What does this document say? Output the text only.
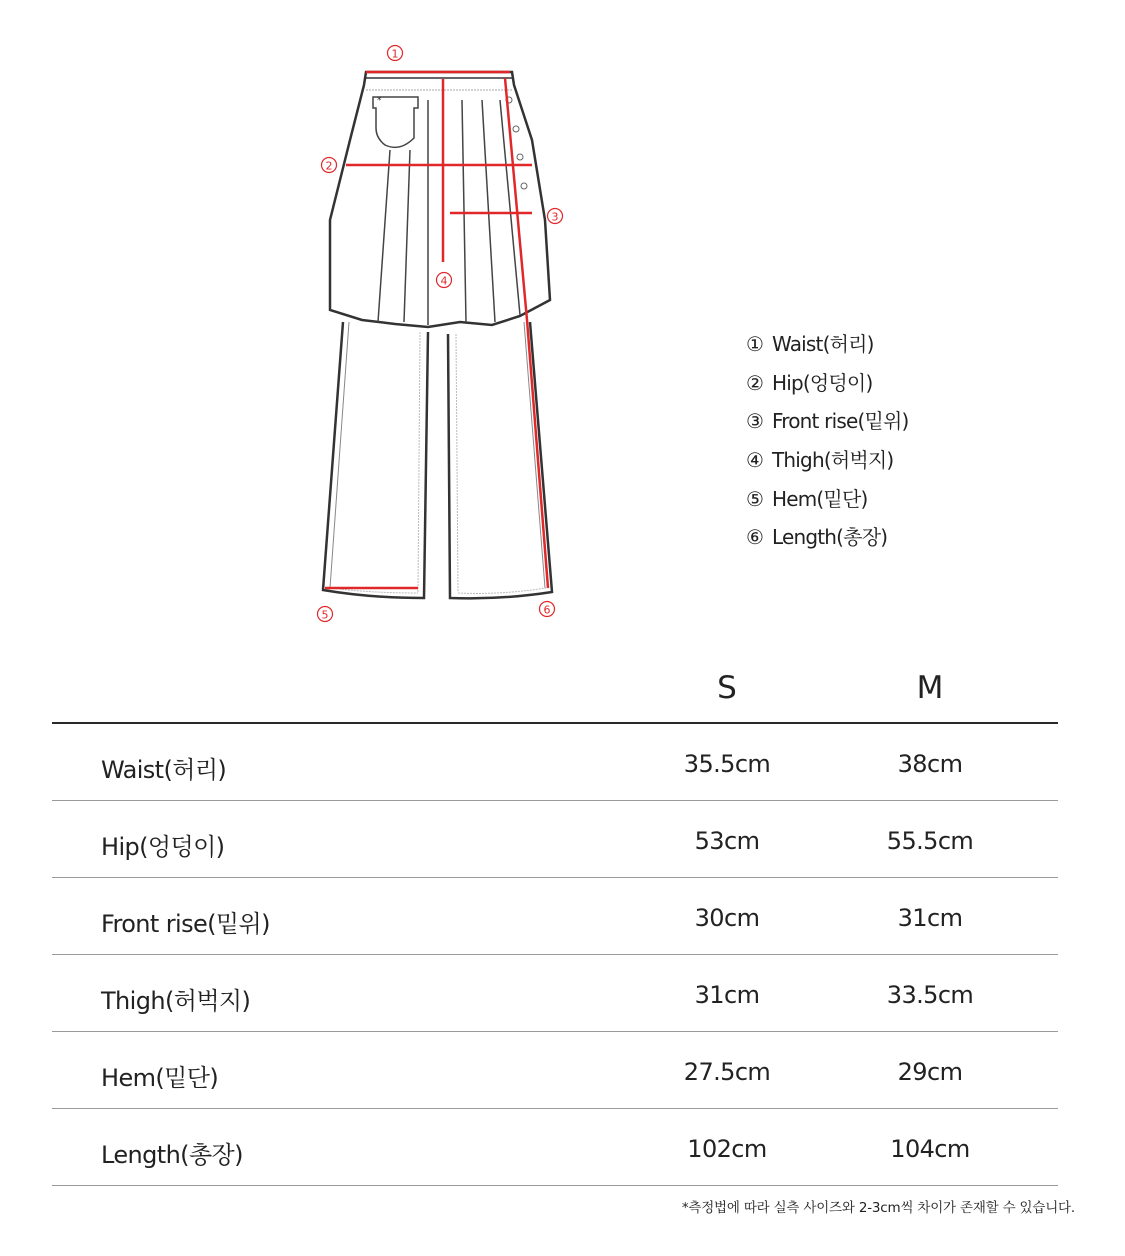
*
1
2
3
4
5	6
① Waist(허리)
② Hip(엉덩이)
③ Front rise(밑위)
④ Thigh(허벅지)
⑤ Hem(밑단)
⑥ Length(총장)
S	M
Waist(허리)	35.5cm	38cm
Hip(엉덩이)	53cm	55.5cm
Front rise(밑위)	30cm	31cm
Thigh(허벅지)	31cm	33.5cm
Hem(밑단)	27.5cm	29cm
Length(총장)	102cm	104cm
*측정법에 따라 실측 사이즈와 2-3cm씩 차이가 존재할 수 있습니다.
